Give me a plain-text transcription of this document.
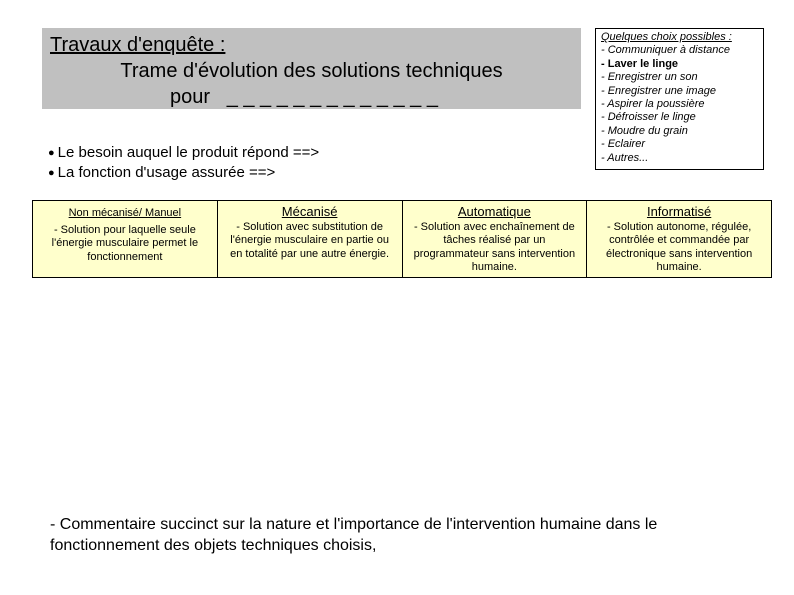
Travaux d'enquête :
Trame d'évolution des solutions techniques
pour   _ _ _ _ _ _ _ _ _ _ _ _ _
Quelques choix possibles :
- Communiquer à distance
- Laver le linge
- Enregistrer un son
- Enregistrer une image
- Aspirer la poussière
- Défroisser le linge
- Moudre du grain
- Eclairer
- Autres...
● Le besoin auquel le produit répond ==>
● La fonction d'usage assurée ==>
Non mécanisé/ Manuel
- Solution pour laquelle seule l'énergie musculaire permet le fonctionnement
Mécanisé
- Solution avec substitution de l'énergie musculaire en partie ou en totalité par une autre énergie.
Automatique
- Solution avec enchaînement de tâches réalisé par un programmateur sans intervention humaine.
Informatisé
- Solution autonome, régulée, contrôlée et commandée par électronique sans intervention humaine.
- Commentaire succinct sur la nature et l'importance de l'intervention humaine dans le fonctionnement des objets techniques choisis,
